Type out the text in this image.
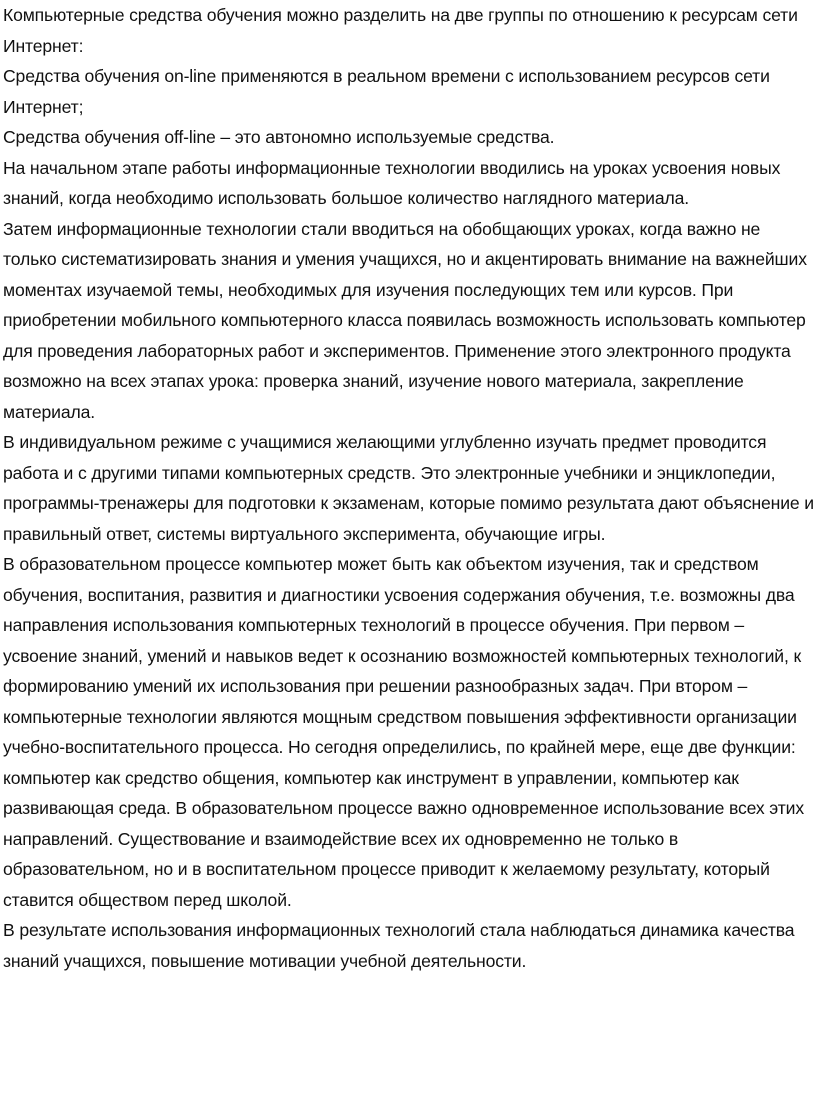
Компьютерные средства обучения можно разделить на две группы по отношению к ресурсам сети Интернет:

Средства обучения on-line применяются в реальном времени с использованием ресурсов сети Интернет;

Средства обучения off-line – это автономно используемые средства.

На начальном этапе работы информационные технологии вводились на уроках усвоения новых знаний, когда необходимо использовать большое количество наглядного материала.

Затем информационные технологии стали вводиться на обобщающих уроках, когда важно не только систематизировать знания и умения учащихся, но и акцентировать внимание на важнейших моментах изучаемой темы, необходимых для изучения последующих тем или курсов. При приобретении мобильного компьютерного класса появилась возможность использовать компьютер для проведения лабораторных работ и экспериментов. Применение этого электронного продукта возможно на всех этапах урока: проверка знаний, изучение нового материала, закрепление материала.

В индивидуальном режиме с учащимися желающими углубленно изучать предмет проводится работа и с другими типами компьютерных средств. Это электронные учебники и энциклопедии, программы-тренажеры для подготовки к экзаменам, которые помимо результата дают объяснение и правильный ответ, системы виртуального эксперимента, обучающие игры.

В образовательном процессе компьютер может быть как объектом изучения, так и средством обучения, воспитания, развития и диагностики усвоения содержания обучения, т.е. возможны два направления использования компьютерных технологий в процессе обучения. При первом – усвоение знаний, умений и навыков ведет к осознанию возможностей компьютерных технологий, к формированию умений их использования при решении разнообразных задач. При втором – компьютерные технологии являются мощным средством повышения эффективности организации учебно-воспитательного процесса. Но сегодня определились, по крайней мере, еще две функции: компьютер как средство общения, компьютер как инструмент в управлении, компьютер как развивающая среда. В образовательном процессе важно одновременное использование всех этих направлений. Существование и взаимодействие всех их одновременно не только в образовательном, но и в воспитательном процессе приводит к желаемому результату, который ставится обществом перед школой.

В результате использования информационных технологий стала наблюдаться динамика качества знаний учащихся, повышение мотивации учебной деятельности.
